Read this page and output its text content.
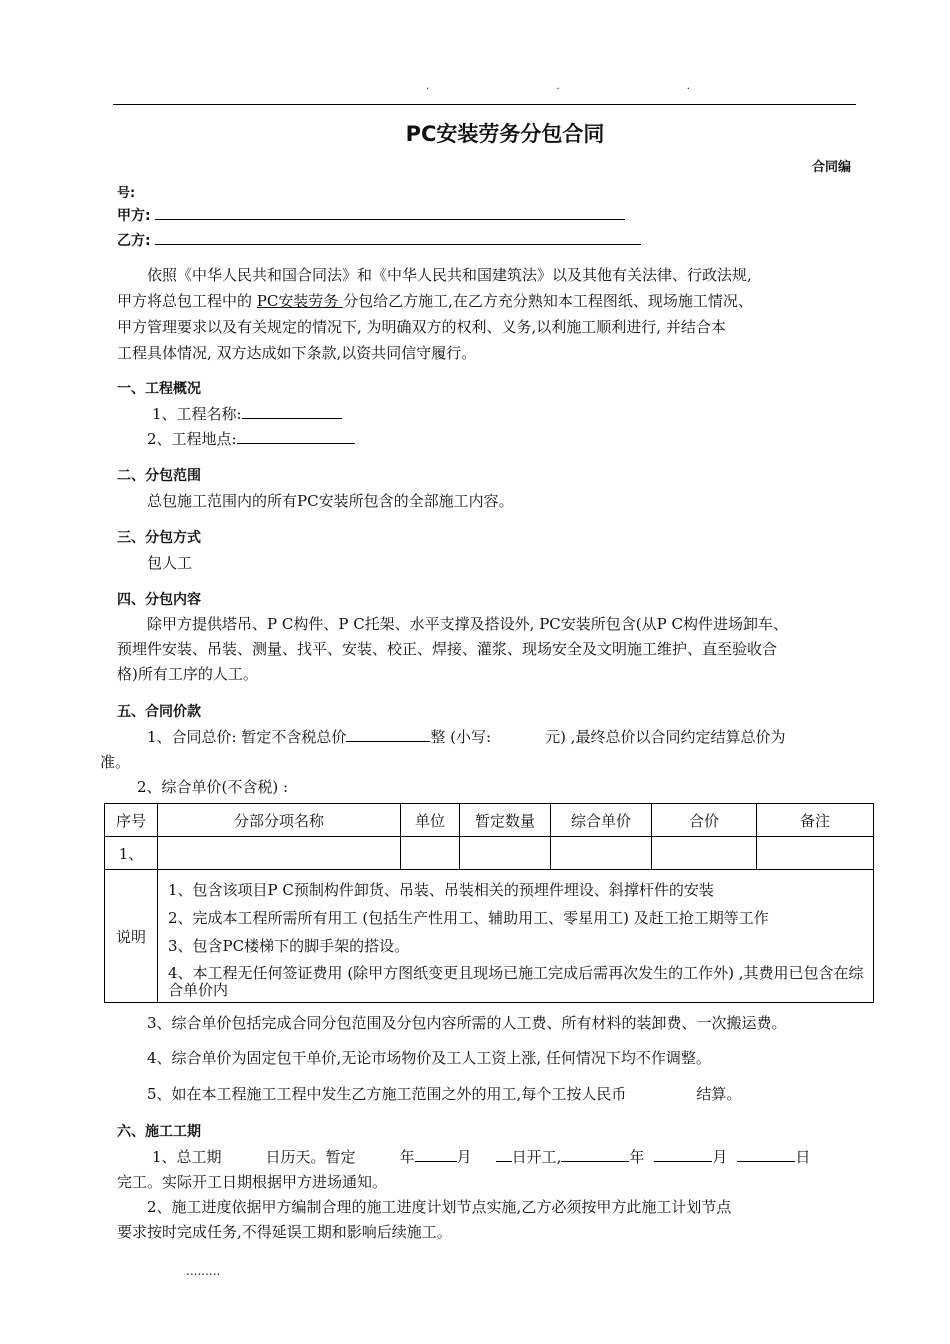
· · ·
PC安装劳务分包合同
合同编
号:
甲方:
乙方:
依照《中华人民共和国合同法》和《中华人民共和国建筑法》以及其他有关法律、行政法规,
甲方将总包工程中的 PC安装劳务 分包给乙方施工,在乙方充分熟知本工程图纸、现场施工情况、
甲方管理要求以及有关规定的情况下, 为明确双方的权利、义务,以利施工顺利进行, 并结合本
工程具体情况, 双方达成如下条款,以资共同信守履行。
一、工程概况
1、工程名称:
2、工程地点:
二、分包范围
总包施工范围内的所有PC安装所包含的全部施工内容。
三、分包方式
包人工
四、分包内容
除甲方提供塔吊、P C构件、P C托架、水平支撑及搭设外, PC安装所包含(从P C构件进场卸车、
预埋件安装、吊装、测量、找平、安装、校正、焊接、灌浆、现场安全及文明施工维护、直至验收合
格)所有工序的人工。
五、合同价款
1、合同总价: 暂定不含税总价	整 (小写:	元) ,最终总价以合同约定结算总价为
准。
2、综合单价(不含税) :
序号	分部分项名称	单位	暂定数量	综合单价	合价	备注
1、						
说明	1、包含该项目P C预制构件卸货、吊装、吊装相关的预埋件埋设、斜撑杆件的安装
2、完成本工程所需所有用工 (包括生产性用工、辅助用工、零星用工) 及赶工抢工期等工作
3、包含PC楼梯下的脚手架的搭设。
4、本工程无任何签证费用 (除甲方图纸变更且现场已施工完成后需再次发生的工作外) ,其费用已包含在综合单价内					
3、综合单价包括完成合同分包范围及分包内容所需的人工费、所有材料的装卸费、一次搬运费。
4、综合单价为固定包干单价,无论市场物价及工人工资上涨, 任何情况下均不作调整。
5、如在本工程施工工程中发生乙方施工范围之外的用工,每个工按人民币	结算。
六、施工工期
1、总工期	日历天。暂定	年	月	日开工,	年	月	日
完工。实际开工日期根据甲方进场通知。
2、施工进度依据甲方编制合理的施工进度计划节点实施,乙方必须按甲方此施工计划节点
要求按时完成任务,不得延误工期和影响后续施工。
.........
